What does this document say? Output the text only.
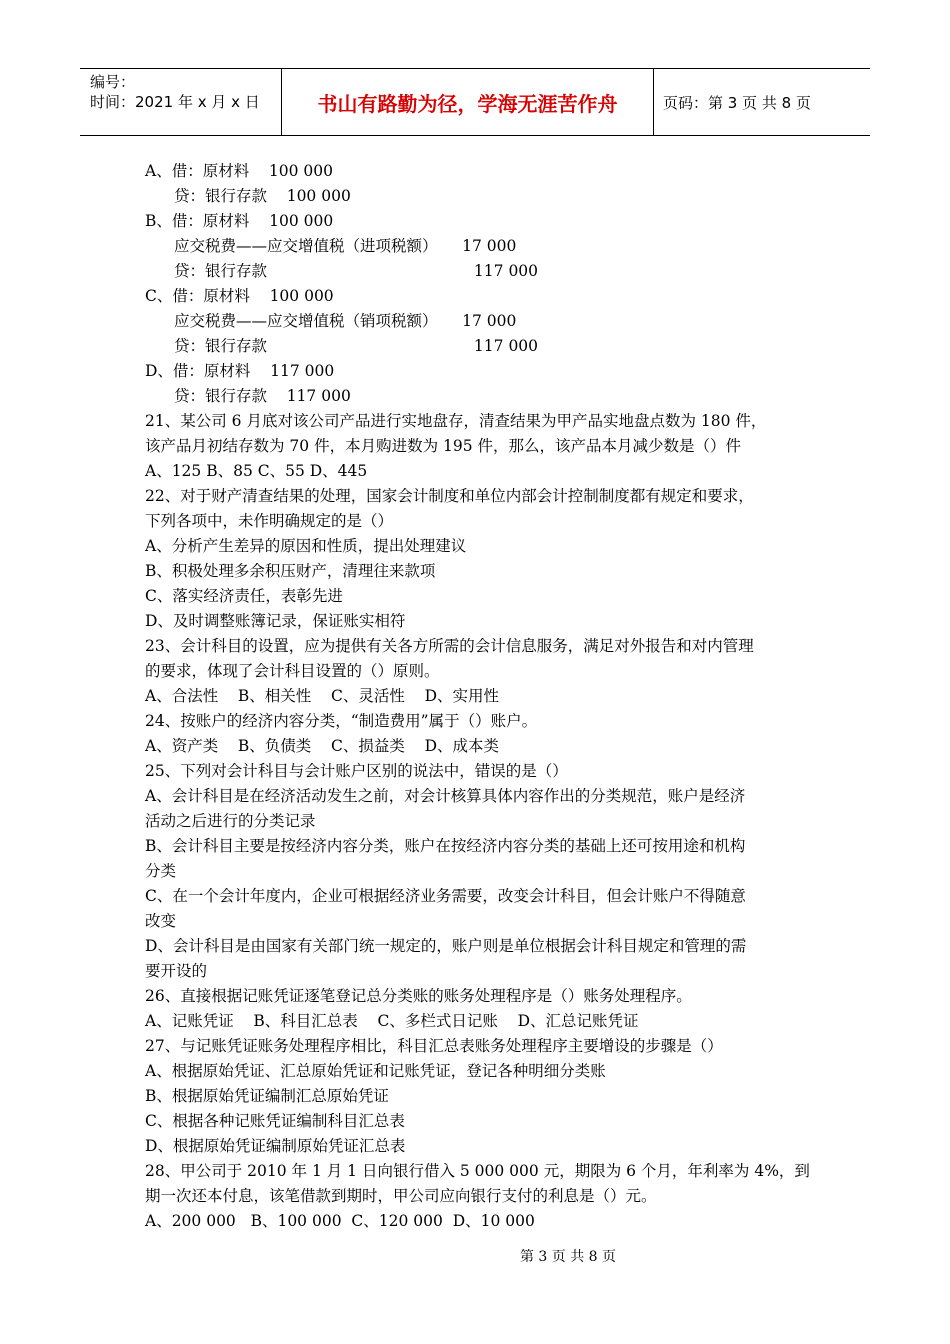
编号：
时间：2021 年 x 月 x 日	书山有路勤为径，学海无涯苦作舟	页码：第 3 页 共 8 页
A、借：原材料    100 000
贷：银行存款    100 000
B、借：原材料    100 000
应交税费——应交增值税（进项税额）     17 000
贷：银行存款                                          117 000
C、借：原材料    100 000
应交税费——应交增值税（销项税额）     17 000
贷：银行存款                                          117 000
D、借：原材料    117 000
贷：银行存款    117 000
21、某公司 6 月底对该公司产品进行实地盘存，清查结果为甲产品实地盘点数为 180 件，
该产品月初结存数为 70 件，本月购进数为 195 件，那么，该产品本月减少数是（）件
A、125 B、85 C、55 D、445
22、对于财产清查结果的处理，国家会计制度和单位内部会计控制制度都有规定和要求，
下列各项中，未作明确规定的是（）
A、分析产生差异的原因和性质，提出处理建议
B、积极处理多余积压财产，清理往来款项
C、落实经济责任，表彰先进
D、及时调整账簿记录，保证账实相符
23、会计科目的设置，应为提供有关各方所需的会计信息服务，满足对外报告和对内管理
的要求，体现了会计科目设置的（）原则。
A、合法性    B、相关性    C、灵活性    D、实用性
24、按账户的经济内容分类，“制造费用”属于（）账户。
A、资产类    B、负债类    C、损益类    D、成本类
25、下列对会计科目与会计账户区别的说法中，错误的是（）
A、会计科目是在经济活动发生之前，对会计核算具体内容作出的分类规范，账户是经济
活动之后进行的分类记录
B、会计科目主要是按经济内容分类，账户在按经济内容分类的基础上还可按用途和机构
分类
C、在一个会计年度内，企业可根据经济业务需要，改变会计科目，但会计账户不得随意
改变
D、会计科目是由国家有关部门统一规定的，账户则是单位根据会计科目规定和管理的需
要开设的
26、直接根据记账凭证逐笔登记总分类账的账务处理程序是（）账务处理程序。
A、记账凭证    B、科目汇总表    C、多栏式日记账    D、汇总记账凭证
27、与记账凭证账务处理程序相比，科目汇总表账务处理程序主要增设的步骤是（）
A、根据原始凭证、汇总原始凭证和记账凭证，登记各种明细分类账
B、根据原始凭证编制汇总原始凭证
C、根据各种记账凭证编制科目汇总表
D、根据原始凭证编制原始凭证汇总表
28、甲公司于 2010 年 1 月 1 日向银行借入 5 000 000 元，期限为 6 个月，年利率为 4%，到
期一次还本付息，该笔借款到期时，甲公司应向银行支付的利息是（）元。
A、200 000   B、100 000  C、120 000  D、10 000
第 3 页 共 8 页
